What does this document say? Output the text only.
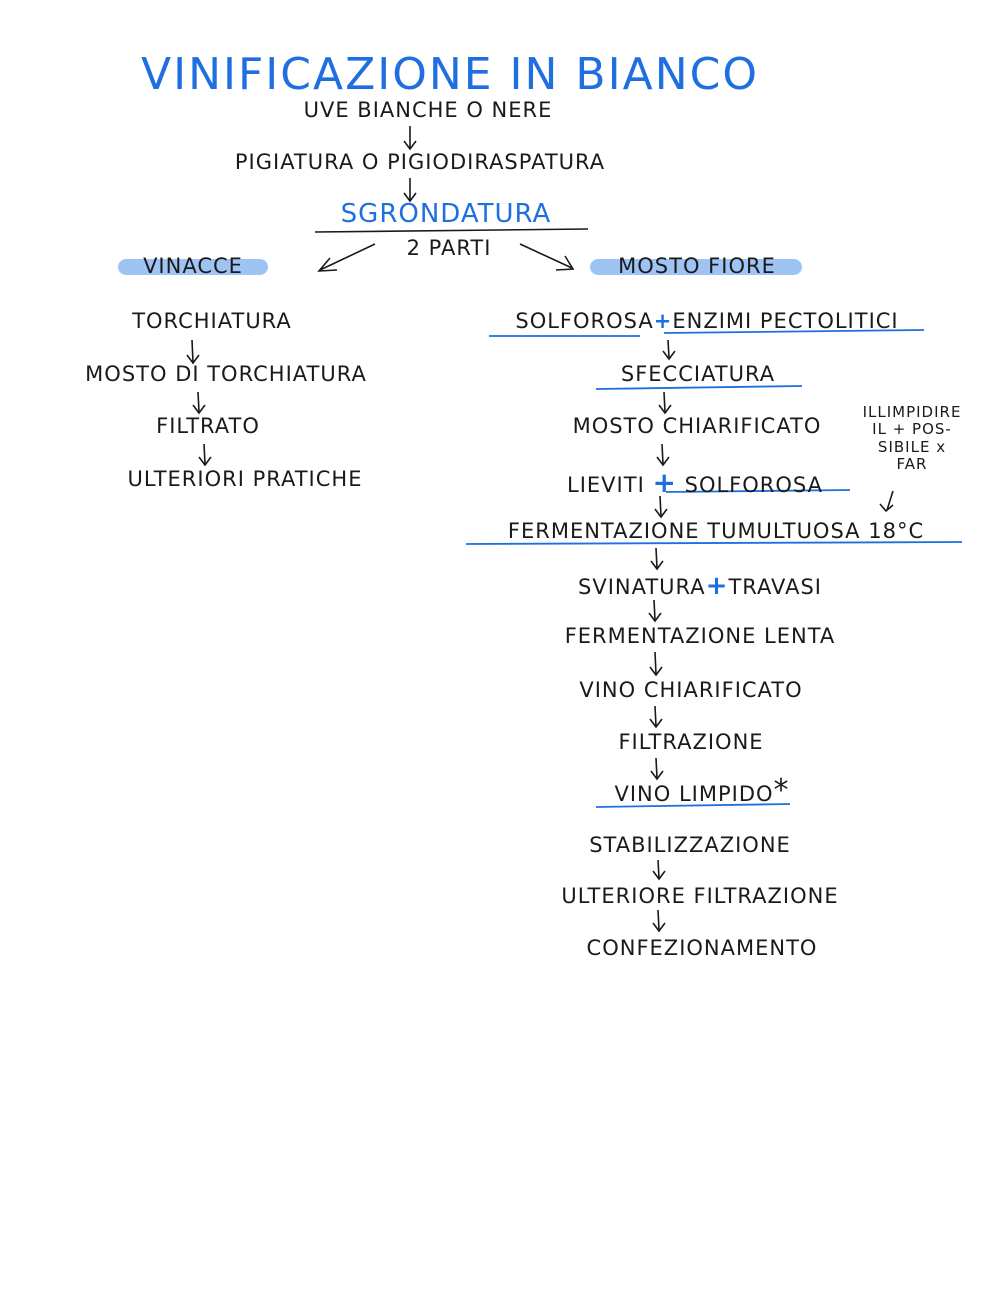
VINIFICAZIONE IN BIANCO
UVE BIANCHE O NERE
PIGIATURA O PIGIODIRASPATURA
SGRONDATURA
2 PARTI
VINACCE
TORCHIATURA
MOSTO DI TORCHIATURA
FILTRATO
ULTERIORI PRATICHE
MOSTO FIORE
SOLFOROSA+ENZIMI PECTOLITICI
SFECCIATURA
MOSTO CHIARIFICATO
LIEVITI + SOLFOROSA
FERMENTAZIONE TUMULTUOSA 18°C
SVINATURA+TRAVASI
FERMENTAZIONE LENTA
VINO CHIARIFICATO
FILTRAZIONE
VINO LIMPIDO*
STABILIZZAZIONE
ULTERIORE FILTRAZIONE
CONFEZIONAMENTO
ILLIMPIDIRE
IL + POS-
SIBILE x
FAR
